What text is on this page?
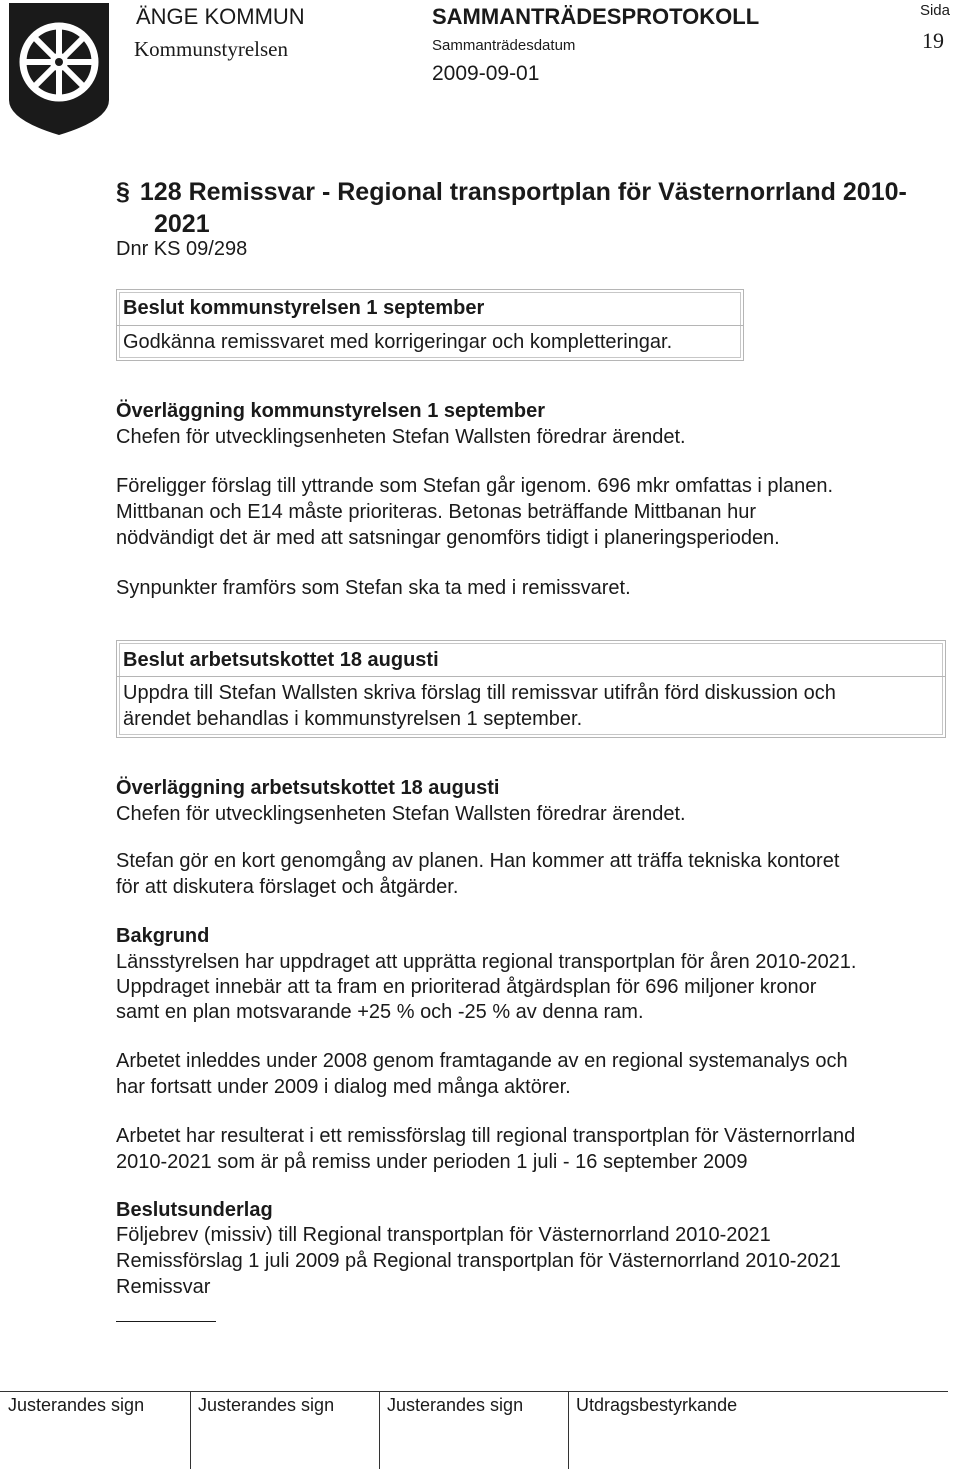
ÄNGE KOMMUN
Kommunstyrelsen
SAMMANTRÄDESPROTOKOLL
Sammanträdesdatum
2009-09-01
Sida
19
§ 128 Remissvar - Regional transportplan för Västernorrland 2010-
2021
Dnr KS 09/298
Beslut kommunstyrelsen 1 september
Godkänna remissvaret med korrigeringar och kompletteringar.
Överläggning kommunstyrelsen 1 september
Chefen för utvecklingsenheten Stefan Wallsten föredrar ärendet.
Föreligger förslag till yttrande som Stefan går igenom. 696 mkr omfattas i planen.
Mittbanan och E14 måste prioriteras. Betonas beträffande Mittbanan hur
nödvändigt det är med att satsningar genomförs tidigt i planeringsperioden.
Synpunkter framförs som Stefan ska ta med i remissvaret.
Beslut arbetsutskottet 18 augusti
Uppdra till Stefan Wallsten skriva förslag till remissvar utifrån förd diskussion och
ärendet behandlas i kommunstyrelsen 1 september.
Överläggning arbetsutskottet 18 augusti
Chefen för utvecklingsenheten Stefan Wallsten föredrar ärendet.
Stefan gör en kort genomgång av planen. Han kommer att träffa tekniska kontoret
för att diskutera förslaget och åtgärder.
Bakgrund
Länsstyrelsen har uppdraget att upprätta regional transportplan för åren 2010-2021.
Uppdraget innebär att ta fram en prioriterad åtgärdsplan för 696 miljoner kronor
samt en plan motsvarande +25 % och -25 % av denna ram.
Arbetet inleddes under 2008 genom framtagande av en regional systemanalys och
har fortsatt under 2009 i dialog med många aktörer.
Arbetet har resulterat i ett remissförslag till regional transportplan för Västernorrland
2010-2021 som är på remiss under perioden 1 juli - 16 september 2009
Beslutsunderlag
Följebrev (missiv) till Regional transportplan för Västernorrland 2010-2021
Remissförslag 1 juli 2009 på Regional transportplan för Västernorrland 2010-2021
Remissvar
Justerandes sign	Justerandes sign	Justerandes sign	Utdragsbestyrkande
